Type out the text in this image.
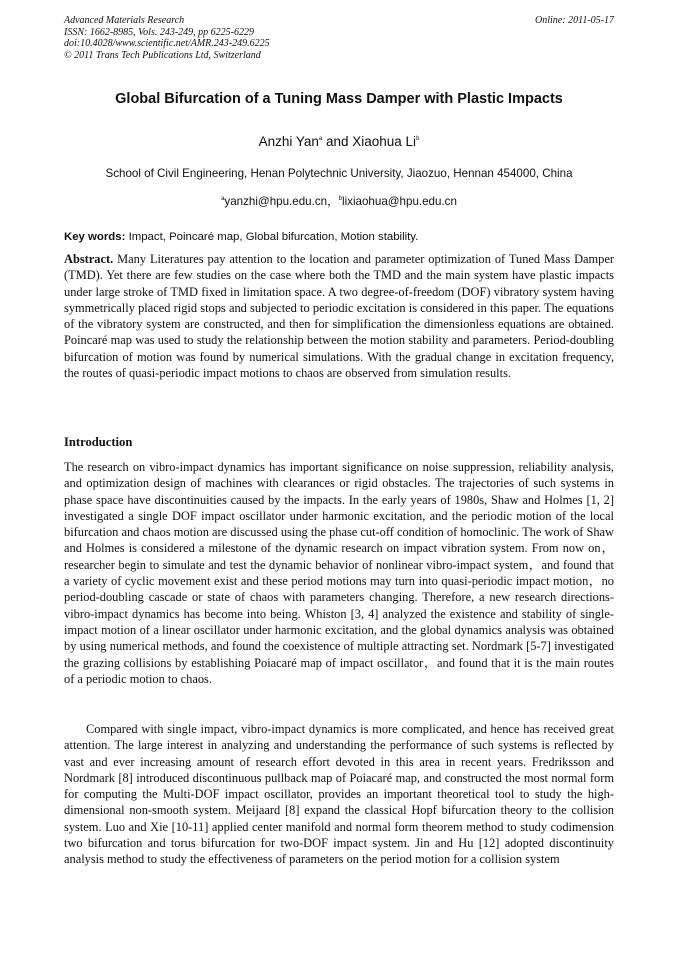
Advanced Materials Research
ISSN: 1662-8985, Vols. 243-249, pp 6225-6229
doi:10.4028/www.scientific.net/AMR.243-249.6225
© 2011 Trans Tech Publications Ltd, Switzerland
Online: 2011-05-17
Global Bifurcation of a Tuning Mass Damper with Plastic Impacts
Anzhi Yan$^a$ and Xiaohua Li$^b$
School of Civil Engineering, Henan Polytechnic University, Jiaozuo, Hennan 454000, China
$^a$yanzhi@hpu.edu.cn，$^b$lixiaohua@hpu.edu.cn
Key words: Impact, Poincaré map, Global bifurcation, Motion stability.

Abstract. Many Literatures pay attention to the location and parameter optimization of Tuned Mass Damper (TMD). Yet there are few studies on the case where both the TMD and the main system have plastic impacts under large stroke of TMD fixed in limitation space. A two degree-of-freedom (DOF) vibratory system having symmetrically placed rigid stops and subjected to periodic excitation is considered in this paper. The equations of the vibratory system are constructed, and then for simplification the dimensionless equations are obtained. Poincaré map was used to study the relationship between the motion stability and parameters. Period-doubling bifurcation of motion was found by numerical simulations. With the gradual change in excitation frequency, the routes of quasi-periodic impact motions to chaos are observed from simulation results.

Introduction

The research on vibro-impact dynamics has important significance on noise suppression, reliability analysis, and optimization design of machines with clearances or rigid obstacles. The trajectories of such systems in phase space have discontinuities caused by the impacts. In the early years of 1980s, Shaw and Holmes [1, 2] investigated a single DOF impact oscillator under harmonic excitation, and the periodic motion of the local bifurcation and chaos motion are discussed using the phase cut-off condition of homoclinic. The work of Shaw and Holmes is considered a milestone of the dynamic research on impact vibration system. From now on，researcher begin to simulate and test the dynamic behavior of nonlinear vibro-impact system，and found that a variety of cyclic movement exist and these period motions may turn into quasi-periodic impact motion，no period-doubling cascade or state of chaos with parameters changing. Therefore, a new research directions-vibro-impact dynamics has become into being. Whiston [3, 4] analyzed the existence and stability of single-impact motion of a linear oscillator under harmonic excitation, and the global dynamics analysis was obtained by using numerical methods, and found the coexistence of multiple attracting set. Nordmark [5-7] investigated the grazing collisions by establishing Poiacaré map of impact oscillator，and found that it is the main routes of a periodic motion to chaos.

Compared with single impact, vibro-impact dynamics is more complicated, and hence has received great attention. The large interest in analyzing and understanding the performance of such systems is reflected by vast and ever increasing amount of research effort devoted in this area in recent years. Fredriksson and Nordmark [8] introduced discontinuous pullback map of Poiacaré map, and constructed the most normal form for computing the Multi-DOF impact oscillator, provides an important theoretical tool to study the high-dimensional non-smooth system. Meijaard [8] expand the classical Hopf bifurcation theory to the collision system. Luo and Xie [10-11] applied center manifold and normal form theorem method to study codimension two bifurcation and torus bifurcation for two-DOF impact system. Jin and Hu [12] adopted discontinuity analysis method to study the effectiveness of parameters on the period motion for a collision system
